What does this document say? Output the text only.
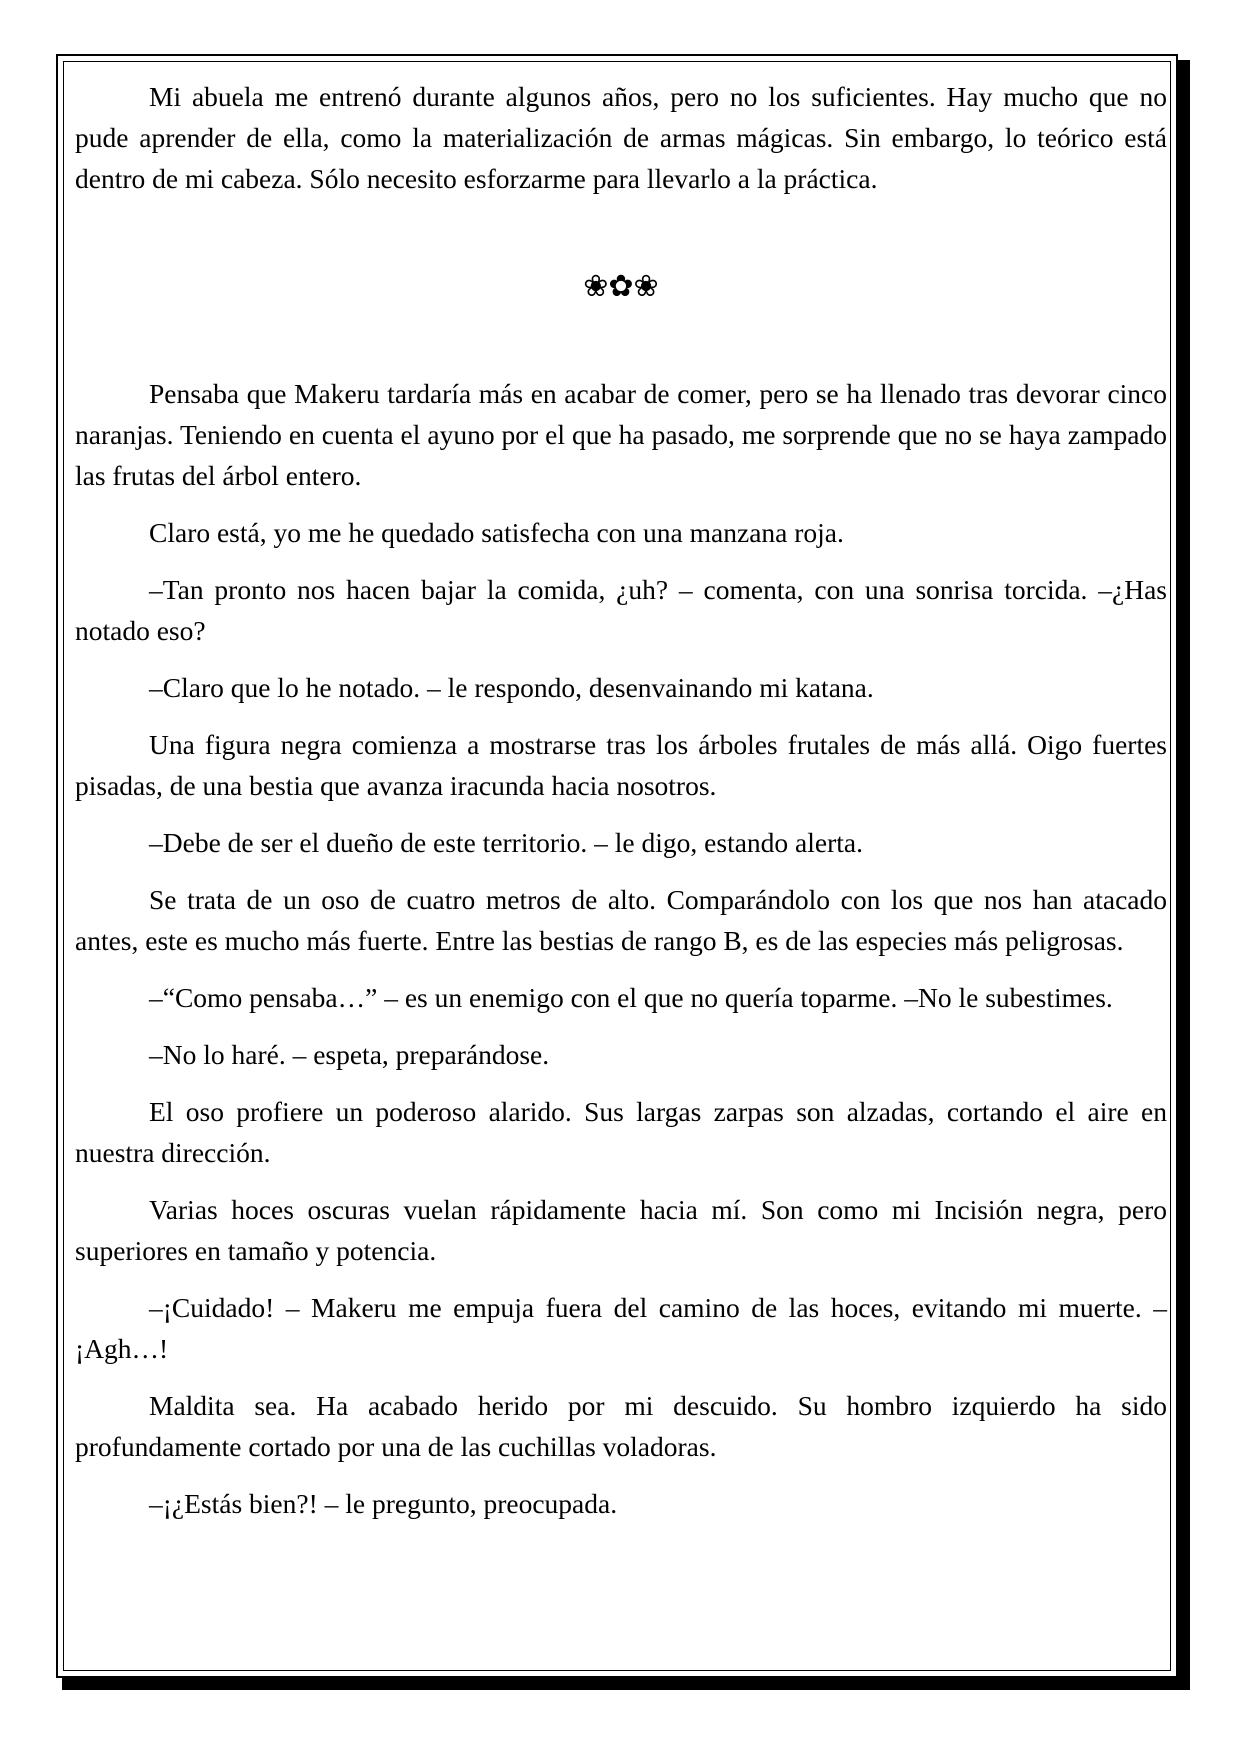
Mi abuela me entrenó durante algunos años, pero no los suficientes. Hay mucho que no pude aprender de ella, como la materialización de armas mágicas. Sin embargo, lo teórico está dentro de mi cabeza. Sólo necesito esforzarme para llevarlo a la práctica.

❀✿❀

Pensaba que Makeru tardaría más en acabar de comer, pero se ha llenado tras devorar cinco naranjas. Teniendo en cuenta el ayuno por el que ha pasado, me sorprende que no se haya zampado las frutas del árbol entero.

Claro está, yo me he quedado satisfecha con una manzana roja.

–Tan pronto nos hacen bajar la comida, ¿uh? – comenta, con una sonrisa torcida. –¿Has notado eso?

–Claro que lo he notado. – le respondo, desenvainando mi katana.

Una figura negra comienza a mostrarse tras los árboles frutales de más allá. Oigo fuertes pisadas, de una bestia que avanza iracunda hacia nosotros.

–Debe de ser el dueño de este territorio. – le digo, estando alerta.

Se trata de un oso de cuatro metros de alto. Comparándolo con los que nos han atacado antes, este es mucho más fuerte. Entre las bestias de rango B, es de las especies más peligrosas.

–“Como pensaba…” – es un enemigo con el que no quería toparme. –No le subestimes.

–No lo haré. – espeta, preparándose.

El oso profiere un poderoso alarido. Sus largas zarpas son alzadas, cortando el aire en nuestra dirección.

Varias hoces oscuras vuelan rápidamente hacia mí. Son como mi Incisión negra, pero superiores en tamaño y potencia.

–¡Cuidado! – Makeru me empuja fuera del camino de las hoces, evitando mi muerte. –¡Agh…!

Maldita sea. Ha acabado herido por mi descuido. Su hombro izquierdo ha sido profundamente cortado por una de las cuchillas voladoras.

–¡¿Estás bien?! – le pregunto, preocupada.
